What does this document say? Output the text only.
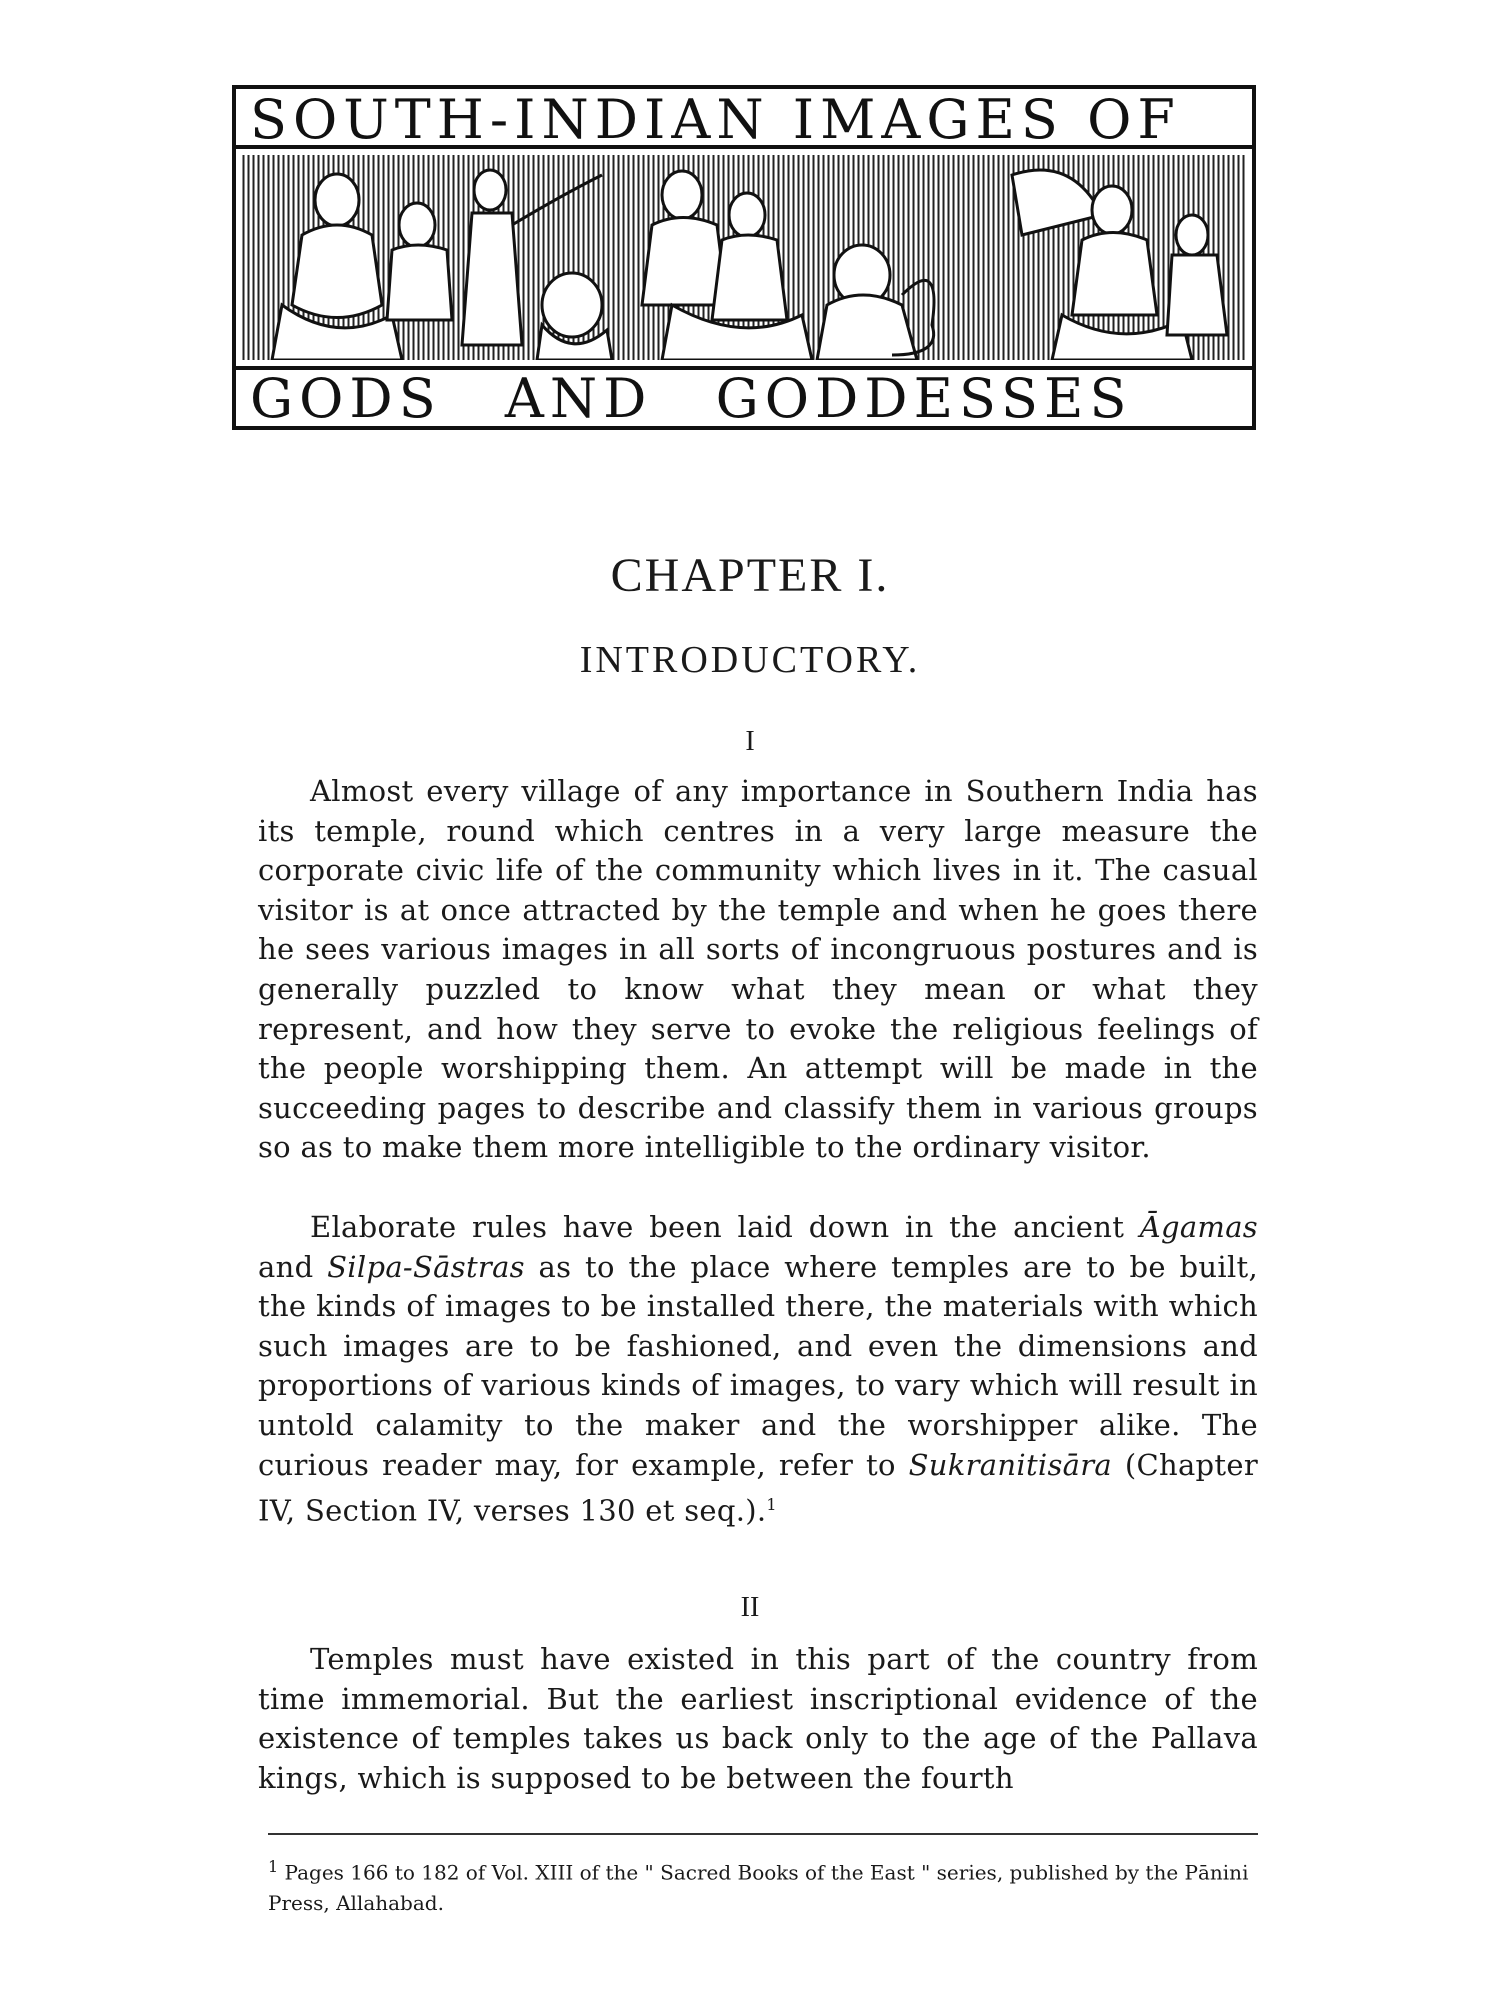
SOUTH-INDIAN IMAGES OF
GODS AND GODDESSES
CHAPTER I.
INTRODUCTORY.
I
Almost every village of any importance in Southern India has its temple, round which centres in a very large measure the corporate civic life of the community which lives in it. The casual visitor is at once attracted by the temple and when he goes there he sees various images in all sorts of incongruous postures and is generally puzzled to know what they mean or what they represent, and how they serve to evoke the religious feelings of the people worshipping them. An attempt will be made in the succeeding pages to describe and classify them in various groups so as to make them more intelligible to the ordinary visitor.
Elaborate rules have been laid down in the ancient Āgamas and Silpa-Sāstras as to the place where temples are to be built, the kinds of images to be installed there, the materials with which such images are to be fashioned, and even the dimensions and proportions of various kinds of images, to vary which will result in untold calamity to the maker and the worshipper alike. The curious reader may, for example, refer to Sukranitisāra (Chapter IV, Section IV, verses 130 et seq.).$^1$
II
Temples must have existed in this part of the country from time immemorial. But the earliest inscriptional evidence of the existence of temples takes us back only to the age of the Pallava kings, which is supposed to be between the fourth
$^1$ Pages 166 to 182 of Vol. XIII of the " Sacred Books of the East " series, published by the Pānini Press, Allahabad.
